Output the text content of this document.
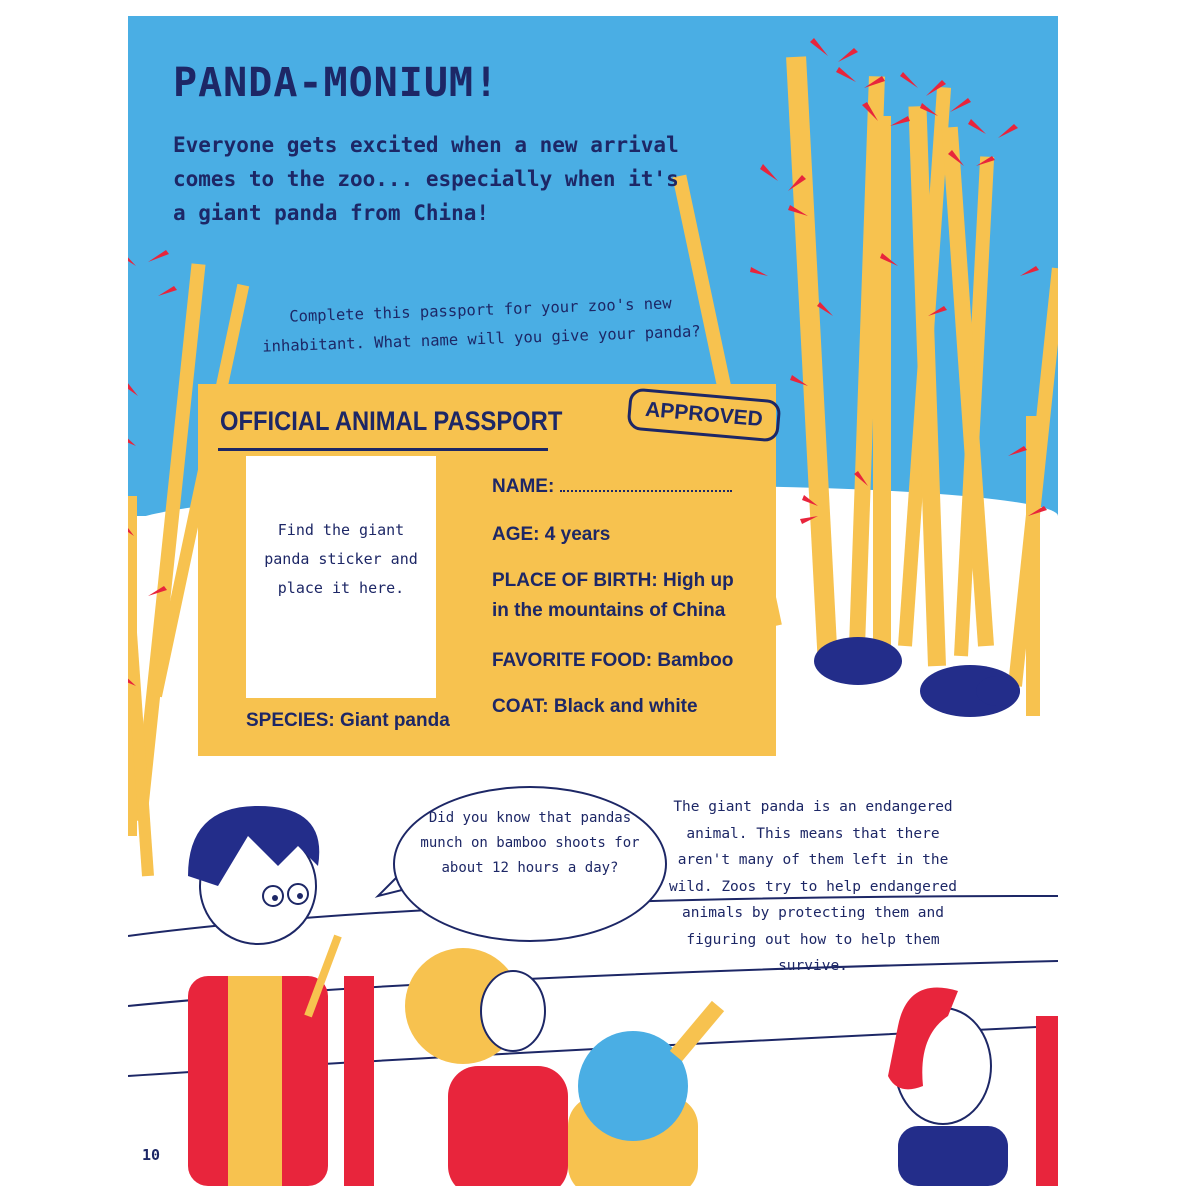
PANDA-MONIUM!

Everyone gets excited when a new arrival comes to the zoo... especially when it's a giant panda from China!

Complete this passport for your zoo's new inhabitant. What name will you give your panda?

OFFICIAL ANIMAL PASSPORT	APPROVED

Find the giant panda sticker and place it here.

SPECIES: Giant panda

NAME:

AGE: 4 years

PLACE OF BIRTH: High up in the mountains of China

FAVORITE FOOD: Bamboo

COAT: Black and white

Did you know that pandas munch on bamboo shoots for about 12 hours a day?

The giant panda is an endangered animal. This means that there aren't many of them left in the wild. Zoos try to help endangered animals by protecting them and figuring out how to help them survive.

10
